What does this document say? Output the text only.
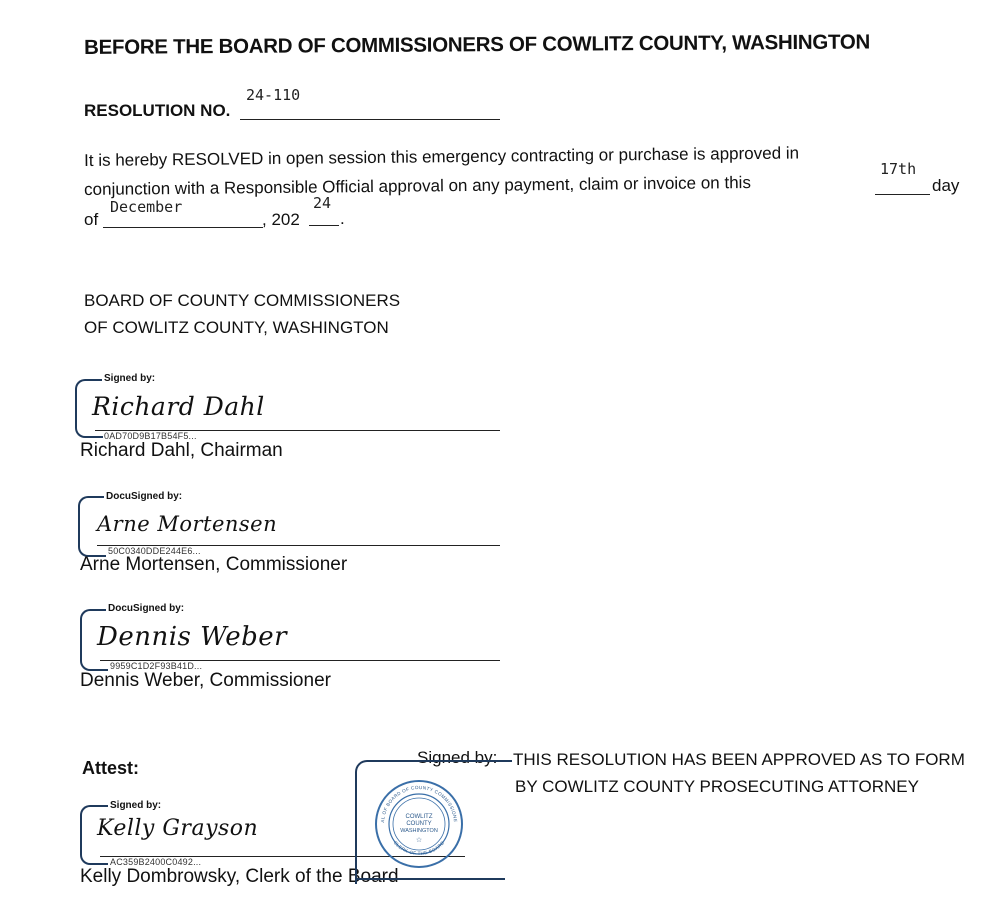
BEFORE THE BOARD OF COMMISSIONERS OF COWLITZ COUNTY, WASHINGTON
RESOLUTION NO.
24-110
It is hereby RESOLVED in open session this emergency contracting or purchase is approved in
conjunction with a Responsible Official approval on any payment, claim or invoice on this
17th
day
of
December
, 202
24
.
BOARD OF COUNTY COMMISSIONERS
OF COWLITZ COUNTY, WASHINGTON
Signed by:
Richard Dahl
0AD70D9B17B54F5...
Richard Dahl, Chairman
DocuSigned by:
Arne Mortensen
50C0340DDE244E6...
Arne Mortensen, Commissioner
DocuSigned by:
Dennis Weber
9959C1D2F93B41D...
Dennis Weber, Commissioner
Attest:
Signed by:
Kelly Grayson
AC359B2400C0492...
Kelly Dombrowsky, Clerk of the Board
Signed by: THIS RESOLUTION HAS BEEN APPROVED AS TO FORM
BY COWLITZ COUNTY PROSECUTING ATTORNEY
COWLITZ
COUNTY
WASHINGTON
☆
AL OF BOARD OF COUNTY COMMISSIONE
CLERK OF THE BOARD
